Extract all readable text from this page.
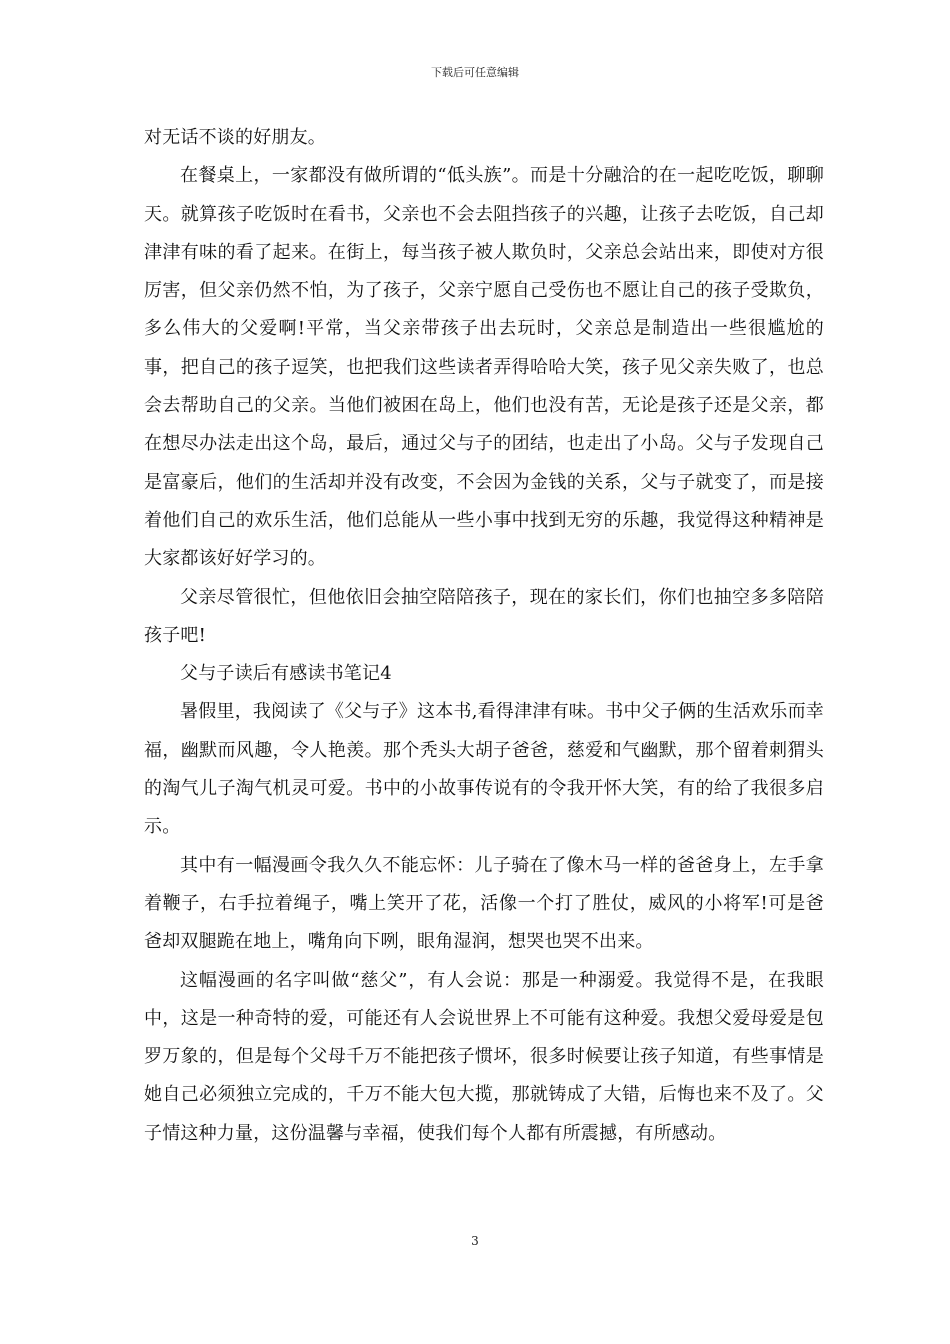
下载后可任意编辑

对无话不谈的好朋友。

在餐桌上，一家都没有做所谓的“低头族”。而是十分融洽的在一起吃吃饭，聊聊天。就算孩子吃饭时在看书，父亲也不会去阻挡孩子的兴趣，让孩子去吃饭，自己却津津有味的看了起来。在街上，每当孩子被人欺负时，父亲总会站出来，即使对方很厉害，但父亲仍然不怕，为了孩子，父亲宁愿自己受伤也不愿让自己的孩子受欺负，多么伟大的父爱啊!平常，当父亲带孩子出去玩时，父亲总是制造出一些很尴尬的事，把自己的孩子逗笑，也把我们这些读者弄得哈哈大笑，孩子见父亲失败了，也总会去帮助自己的父亲。当他们被困在岛上，他们也没有苦，无论是孩子还是父亲，都在想尽办法走出这个岛，最后，通过父与子的团结，也走出了小岛。父与子发现自己是富豪后，他们的生活却并没有改变，不会因为金钱的关系，父与子就变了，而是接着他们自己的欢乐生活，他们总能从一些小事中找到无穷的乐趣，我觉得这种精神是大家都该好好学习的。

父亲尽管很忙，但他依旧会抽空陪陪孩子，现在的家长们，你们也抽空多多陪陪孩子吧!

父与子读后有感读书笔记4

暑假里，我阅读了《父与子》这本书,看得津津有味。书中父子俩的生活欢乐而幸福，幽默而风趣，令人艳羡。那个秃头大胡子爸爸，慈爱和气幽默，那个留着刺猬头的淘气儿子淘气机灵可爱。书中的小故事传说有的令我开怀大笑，有的给了我很多启示。

其中有一幅漫画令我久久不能忘怀：儿子骑在了像木马一样的爸爸身上，左手拿着鞭子，右手拉着绳子，嘴上笑开了花，活像一个打了胜仗，威风的小将军!可是爸爸却双腿跪在地上，嘴角向下咧，眼角湿润，想哭也哭不出来。

这幅漫画的名字叫做“慈父”，有人会说：那是一种溺爱。我觉得不是，在我眼中，这是一种奇特的爱，可能还有人会说世界上不可能有这种爱。我想父爱母爱是包罗万象的，但是每个父母千万不能把孩子惯坏，很多时候要让孩子知道，有些事情是她自己必须独立完成的，千万不能大包大揽，那就铸成了大错，后悔也来不及了。父子情这种力量，这份温馨与幸福，使我们每个人都有所震撼，有所感动。

3
